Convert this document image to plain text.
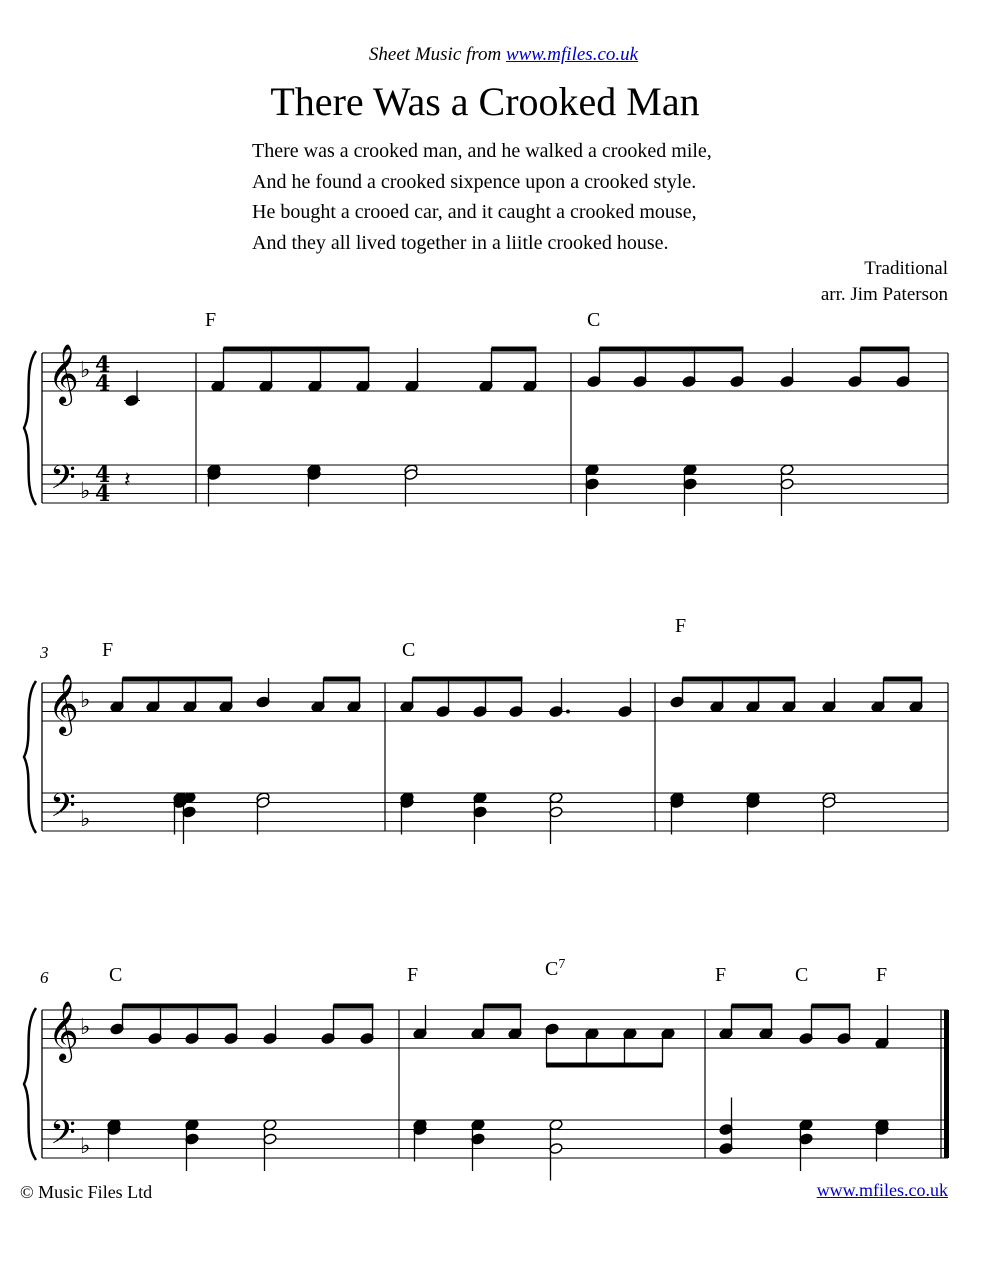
Sheet Music from www.mfiles.co.uk
There Was a Crooked Man
There was a crooked man, and he walked a crooked mile,
And he found a crooked sixpence upon a crooked style.
He bought a crooed car, and it caught a crooked mouse,
And they all lived together in a liitle crooked house.
Traditional
arr. Jim Paterson
𝄞
𝄢
♭
♭
𝄞
𝄢
♭
♭
𝄞
𝄢
♭
♭
𝄽
4
4
4
4
3
6
F	C
F	C
F
C	F	$C^7$	F	C	F
© Music Files Ltd	www.mfiles.co.uk
